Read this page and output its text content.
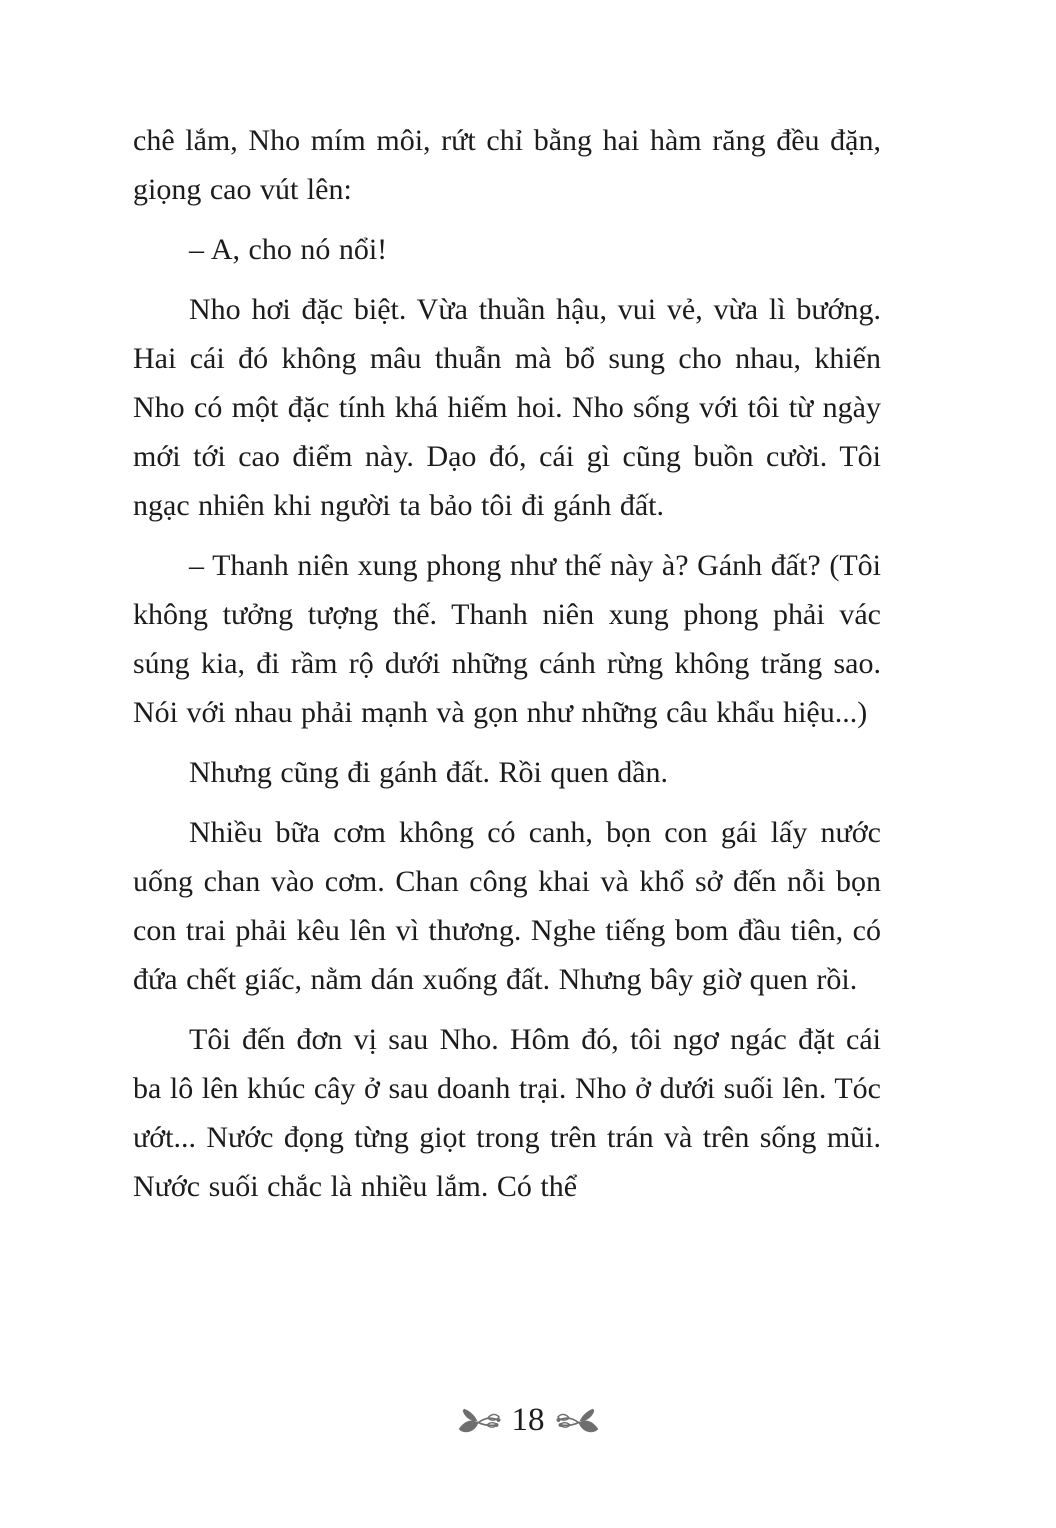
chê lắm, Nho mím môi, rứt chỉ bằng hai hàm răng đều đặn, giọng cao vút lên:

– A, cho nó nổi!

Nho hơi đặc biệt. Vừa thuần hậu, vui vẻ, vừa lì bướng. Hai cái đó không mâu thuẫn mà bổ sung cho nhau, khiến Nho có một đặc tính khá hiếm hoi. Nho sống với tôi từ ngày mới tới cao điểm này. Dạo đó, cái gì cũng buồn cười. Tôi ngạc nhiên khi người ta bảo tôi đi gánh đất.

– Thanh niên xung phong như thế này à? Gánh đất? (Tôi không tưởng tượng thế. Thanh niên xung phong phải vác súng kia, đi rầm rộ dưới những cánh rừng không trăng sao. Nói với nhau phải mạnh và gọn như những câu khẩu hiệu...)

Nhưng cũng đi gánh đất. Rồi quen dần.

Nhiều bữa cơm không có canh, bọn con gái lấy nước uống chan vào cơm. Chan công khai và khổ sở đến nỗi bọn con trai phải kêu lên vì thương. Nghe tiếng bom đầu tiên, có đứa chết giấc, nằm dán xuống đất. Nhưng bây giờ quen rồi.

Tôi đến đơn vị sau Nho. Hôm đó, tôi ngơ ngác đặt cái ba lô lên khúc cây ở sau doanh trại. Nho ở dưới suối lên. Tóc ướt... Nước đọng từng giọt trong trên trán và trên sống mũi. Nước suối chắc là nhiều lắm. Có thể

18
